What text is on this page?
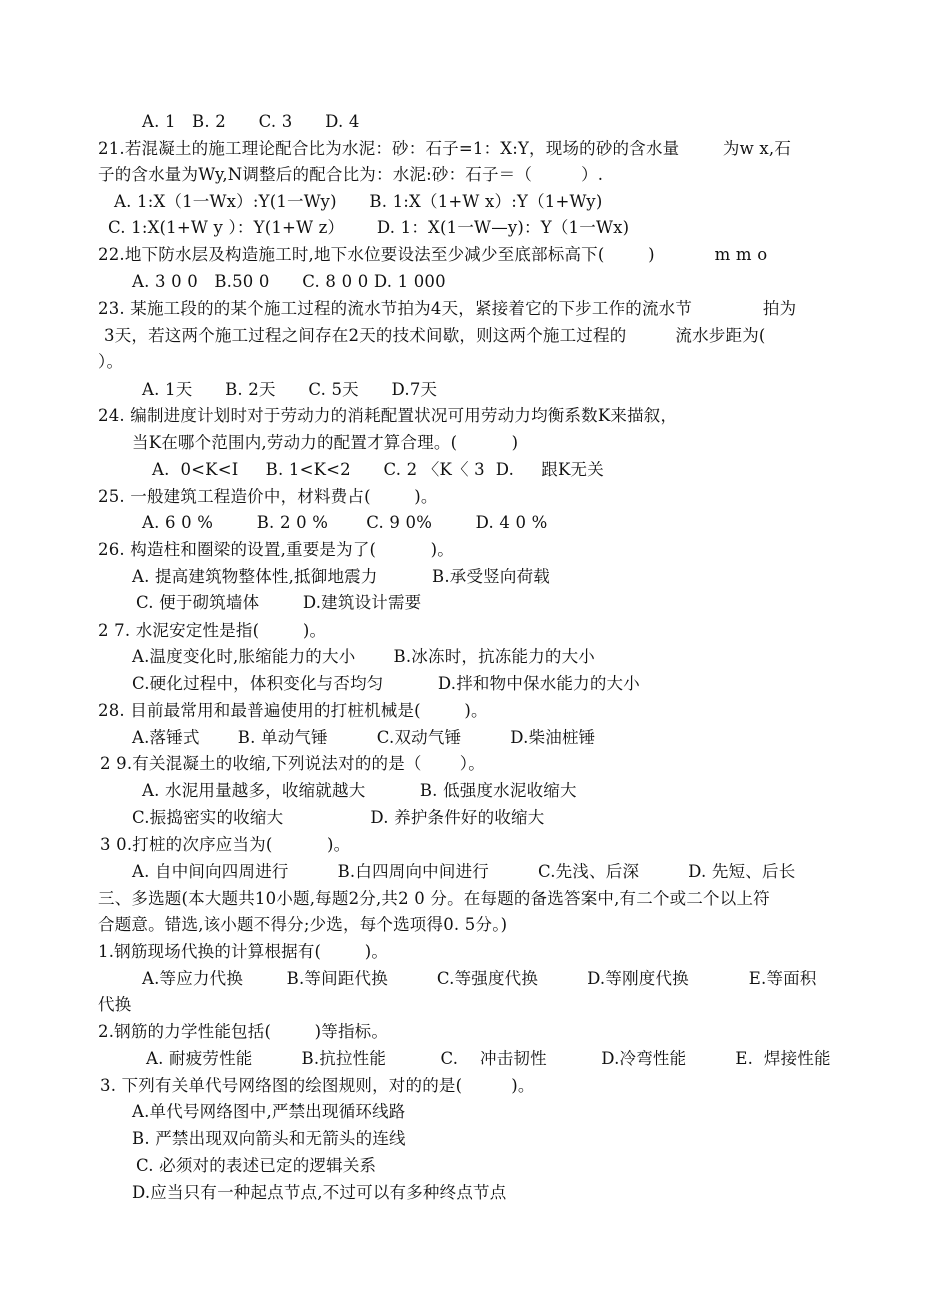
A. 1   B. 2      C. 3      D. 4
21.若混凝土的施工理论配合比为水泥：砂：石子=1：X:Y，现场的砂的含水量        为w x,石
子的含水量为Wy,N调整后的配合比为：水泥:砂：石子＝（         ）.
A. 1:X（1一Wx）:Y(1一Wy)      B. 1:X（1+W x）:Y（1+Wy)
C. 1:X(1+W y ）：Y(1+W z）      D. 1：X(1一W—y)：Y（1一Wx)
22.地下防水层及构造施工时,地下水位要设法至少减少至底部标高下(        )           m m o
A. 3 0 0   B.50 0      C. 8 0 0 D. 1 000
23. 某施工段的的某个施工过程的流水节拍为4天，紧接着它的下步工作的流水节             拍为
3天，若这两个施工过程之间存在2天的技术间歇，则这两个施工过程的         流水步距为(
）。
A. 1天      B. 2天      C. 5天      D.7天
24. 编制进度计划时对于劳动力的消耗配置状况可用劳动力均衡系数K来描叙，
当K在哪个范围内,劳动力的配置才算合理。(          )
A.  0<K<I     B. 1<K<2      C. 2 〈K〈 3  D.     跟K无关
25. 一般建筑工程造价中，材料费占(        )。
A. 6 0 %        B. 2 0 %       C. 9 0%        D. 4 0 %
26. 构造柱和圈梁的设置,重要是为了(          )。
A. 提高建筑物整体性,抵御地震力          B.承受竖向荷载
C. 便于砌筑墙体        D.建筑设计需要
2 7. 水泥安定性是指(        )。
A.温度变化时,胀缩能力的大小       B.冰冻时，抗冻能力的大小
C.硬化过程中，体积变化与否均匀          D.拌和物中保水能力的大小
28. 目前最常用和最普遍使用的打桩机械是(        )。
A.落锤式       B. 单动气锤         C.双动气锤         D.柴油桩锤
2 9.有关混凝土的收缩,下列说法对的的是（       ）。
A. 水泥用量越多，收缩就越大          B. 低强度水泥收缩大
C.振捣密实的收缩大                D. 养护条件好的收缩大
3 0.打桩的次序应当为(          )。
A. 自中间向四周进行         B.白四周向中间进行         C.先浅、后深         D. 先短、后长
三、多选题(本大题共10小题,每题2分,共2 0 分。在每题的备选答案中,有二个或二个以上符
合题意。错选,该小题不得分;少选，每个选项得0. 5分。)
1.钢筋现场代换的计算根据有(        )。
A.等应力代换        B.等间距代换         C.等强度代换         D.等刚度代换           E.等面积
代换
2.钢筋的力学性能包括(        )等指标。
A. 耐疲劳性能         B.抗拉性能          C.    冲击韧性          D.冷弯性能         E.  焊接性能
3. 下列有关单代号网络图的绘图规则，对的的是(         )。
A.单代号网络图中,严禁出现循环线路
B. 严禁出现双向箭头和无箭头的连线
C. 必须对的表述已定的逻辑关系
D.应当只有一种起点节点,不过可以有多种终点节点
